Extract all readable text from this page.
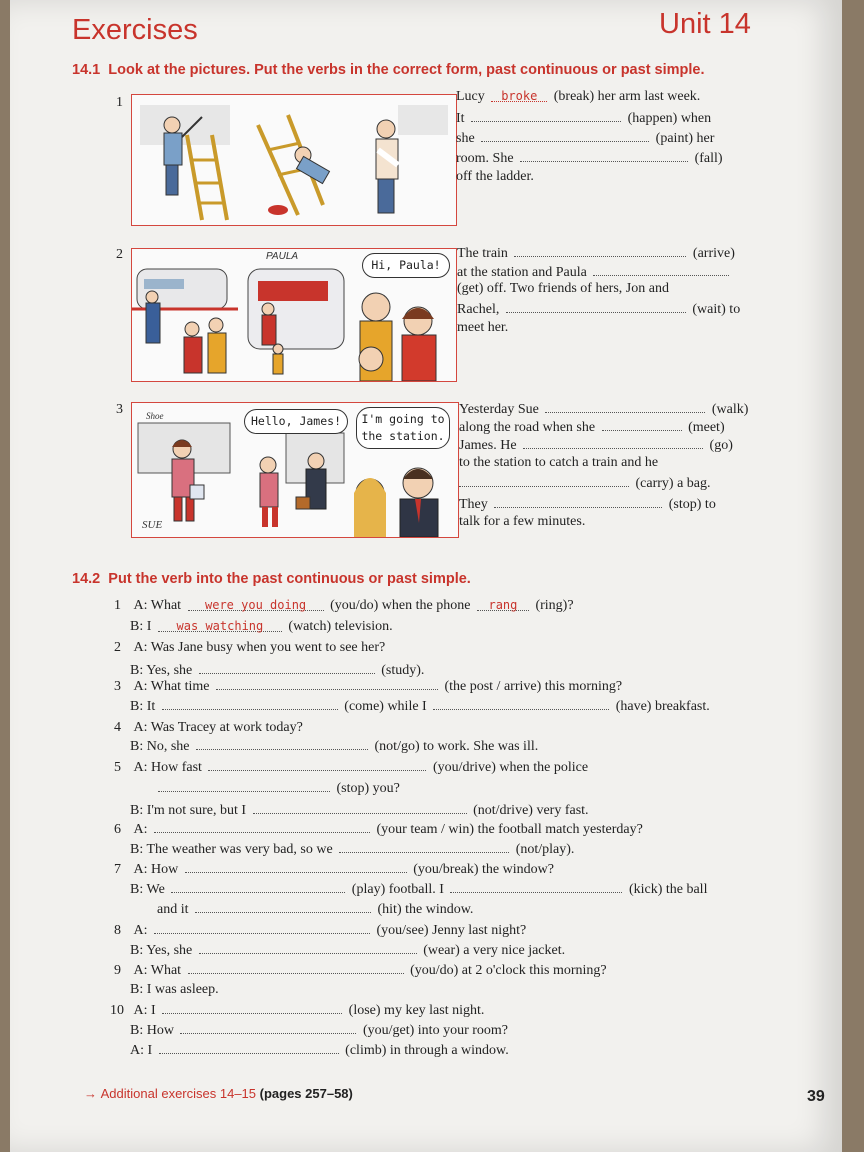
Exercises	Unit 14
14.1 Look at the pictures. Put the verbs in the correct form, past continuous or past simple.
1	Lucy broke (break) her arm last week.
It	(happen) when
she	(paint) her
room. She	(fall)
off the ladder.
2	PAULA
Hi, Paula!
The train	(arrive)
at the station and Paula
(get) off. Two friends of hers, Jon and
Rachel,	(wait) to
meet her.
3	Shoe
SUE
Hello, James!	I'm going to the station.
Yesterday Sue	(walk)
along the road when she	(meet)
James. He	(go)
to the station to catch a train and he
(carry) a bag.
They	(stop) to
talk for a few minutes.
14.2 Put the verb into the past continuous or past simple.
1 A: What were you doing (you/do) when the phone rang (ring)?
B: I was watching (watch) television.
2 A: Was Jane busy when you went to see her?
B: Yes, she	(study).
3 A: What time	(the post / arrive) this morning?
B: It	(come) while I	(have) breakfast.
4 A: Was Tracey at work today?
B: No, she	(not/go) to work. She was ill.
5 A: How fast	(you/drive) when the police
(stop) you?
B: I'm not sure, but I	(not/drive) very fast.
6 A:	(your team / win) the football match yesterday?
B: The weather was very bad, so we	(not/play).
7 A: How	(you/break) the window?
B: We	(play) football. I	(kick) the ball
and it	(hit) the window.
8 A:	(you/see) Jenny last night?
B: Yes, she	(wear) a very nice jacket.
9 A: What	(you/do) at 2 o'clock this morning?
B: I was asleep.
10 A: I	(lose) my key last night.
B: How	(you/get) into your room?
A: I	(climb) in through a window.
→ Additional exercises 14–15 (pages 257–58)	39
